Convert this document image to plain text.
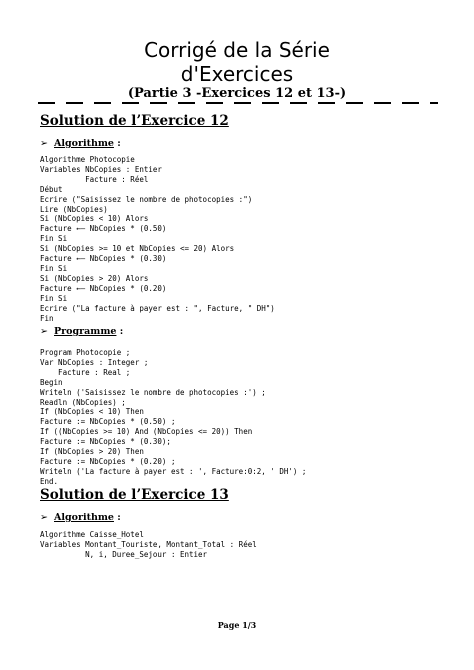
Corrigé de la Série
d'Exercices
(Partie 3 -Exercices 12 et 13-)
Solution de l’Exercice 12
➢ Algorithme :
Algorithme Photocopie
Variables NbCopies : Entier
Facture : Réel
Début
Ecrire ("Saisissez le nombre de photocopies :")
Lire (NbCopies)
Si (NbCopies < 10) Alors
Facture ←– NbCopies * (0.50)
Fin Si
Si (NbCopies >= 10 et NbCopies <= 20) Alors
Facture ←– NbCopies * (0.30)
Fin Si
Si (NbCopies > 20) Alors
Facture ←– NbCopies * (0.20)
Fin Si
Ecrire ("La facture à payer est : ", Facture, " DH")
Fin
➢ Programme :
Program Photocopie ;
Var NbCopies : Integer ;
Facture : Real ;
Begin
Writeln ('Saisissez le nombre de photocopies :') ;
Readln (NbCopies) ;
If (NbCopies < 10) Then
Facture := NbCopies * (0.50) ;
If ((NbCopies >= 10) And (NbCopies <= 20)) Then
Facture := NbCopies * (0.30);
If (NbCopies > 20) Then
Facture := NbCopies * (0.20) ;
Writeln ('La facture à payer est : ', Facture:0:2, ' DH') ;
End.
Solution de l’Exercice 13
➢ Algorithme :
Algorithme Caisse_Hotel
Variables Montant_Touriste, Montant_Total : Réel
N, i, Duree_Sejour : Entier
Page 1/3
